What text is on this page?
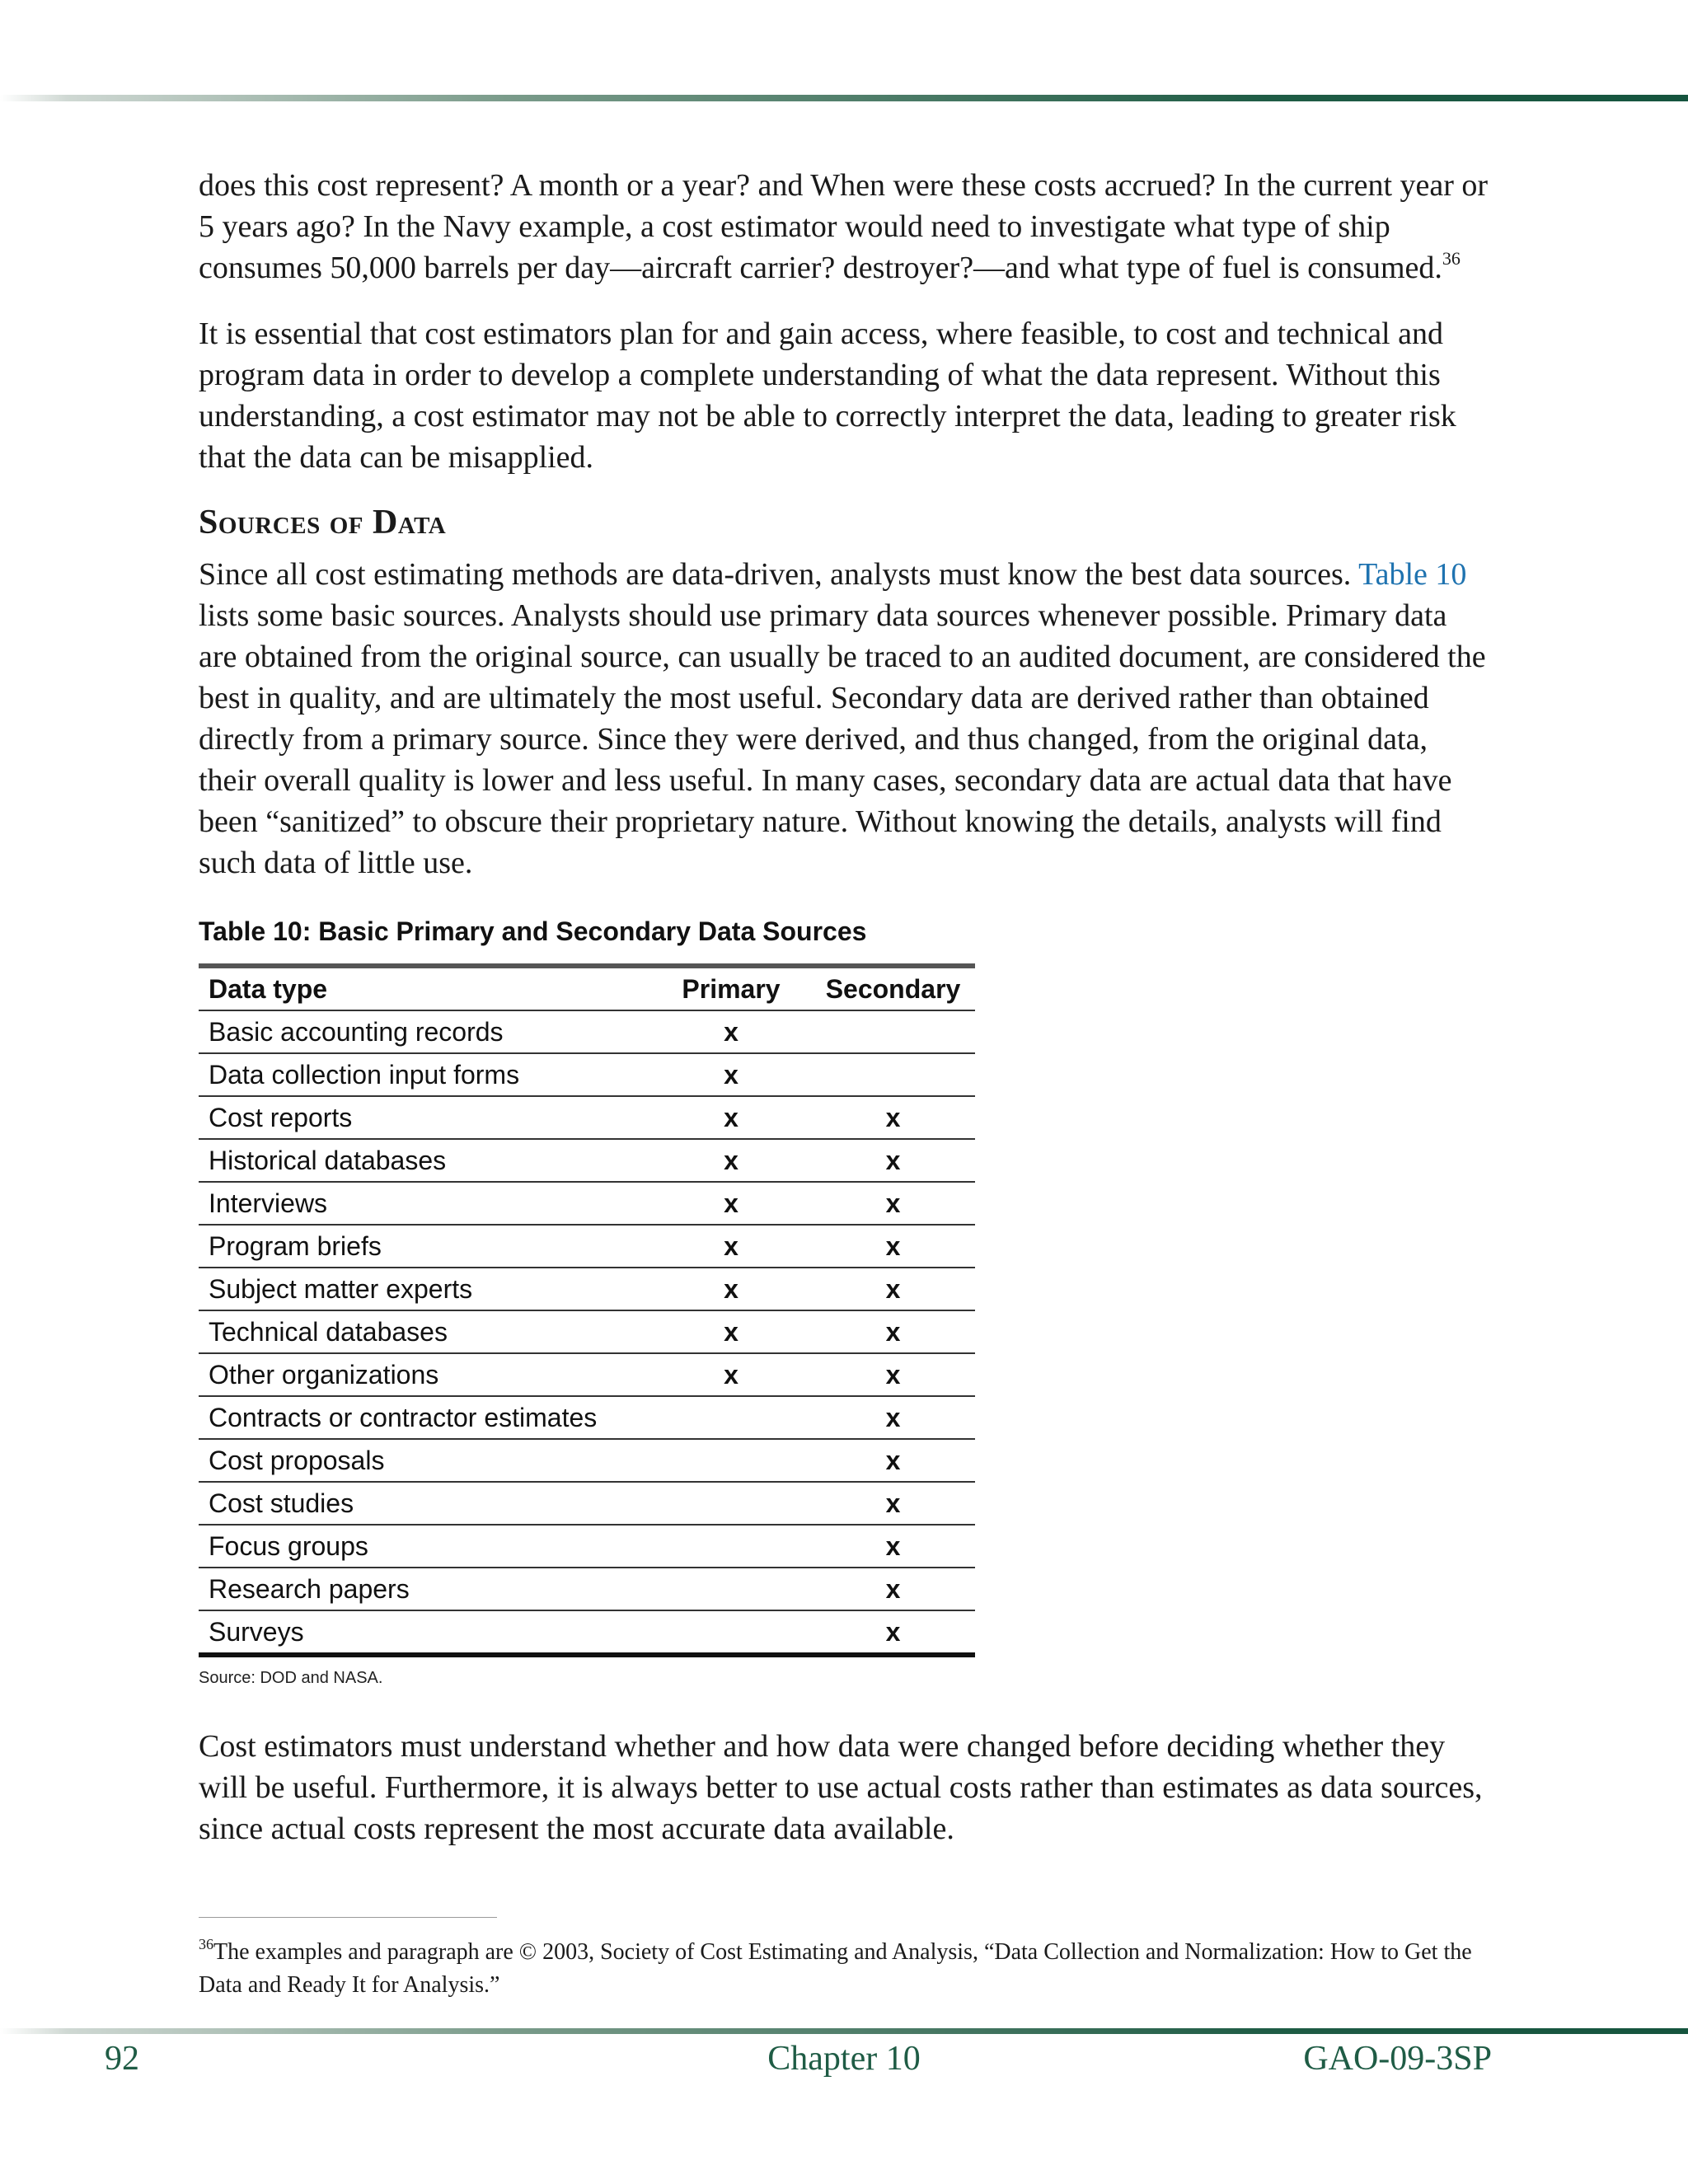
does this cost represent? A month or a year? and When were these costs accrued? In the current year or 5 years ago? In the Navy example, a cost estimator would need to investigate what type of ship consumes 50,000 barrels per day—aircraft carrier? destroyer?—and what type of fuel is consumed.$^{36}$

It is essential that cost estimators plan for and gain access, where feasible, to cost and technical and program data in order to develop a complete understanding of what the data represent. Without this understanding, a cost estimator may not be able to correctly interpret the data, leading to greater risk that the data can be misapplied.

Sources of Data

Since all cost estimating methods are data-driven, analysts must know the best data sources. Table 10 lists some basic sources. Analysts should use primary data sources whenever possible. Primary data are obtained from the original source, can usually be traced to an audited document, are considered the best in quality, and are ultimately the most useful. Secondary data are derived rather than obtained directly from a primary source. Since they were derived, and thus changed, from the original data, their overall quality is lower and less useful. In many cases, secondary data are actual data that have been “sanitized” to obscure their proprietary nature. Without knowing the details, analysts will find such data of little use.

Table 10: Basic Primary and Secondary Data Sources
Data type	Primary	Secondary
Basic accounting records	x	
Data collection input forms	x	
Cost reports	x	x
Historical databases	x	x
Interviews	x	x
Program briefs	x	x
Subject matter experts	x	x
Technical databases	x	x
Other organizations	x	x
Contracts or contractor estimates		x
Cost proposals		x
Cost studies		x
Focus groups		x
Research papers		x
Surveys		x
Source: DOD and NASA.

Cost estimators must understand whether and how data were changed before deciding whether they will be useful. Furthermore, it is always better to use actual costs rather than estimates as data sources, since actual costs represent the most accurate data available.

$^{36}$The examples and paragraph are © 2003, Society of Cost Estimating and Analysis, “Data Collection and Normalization: How to Get the Data and Ready It for Analysis.”

Chapter 10
92	GAO-09-3SP
